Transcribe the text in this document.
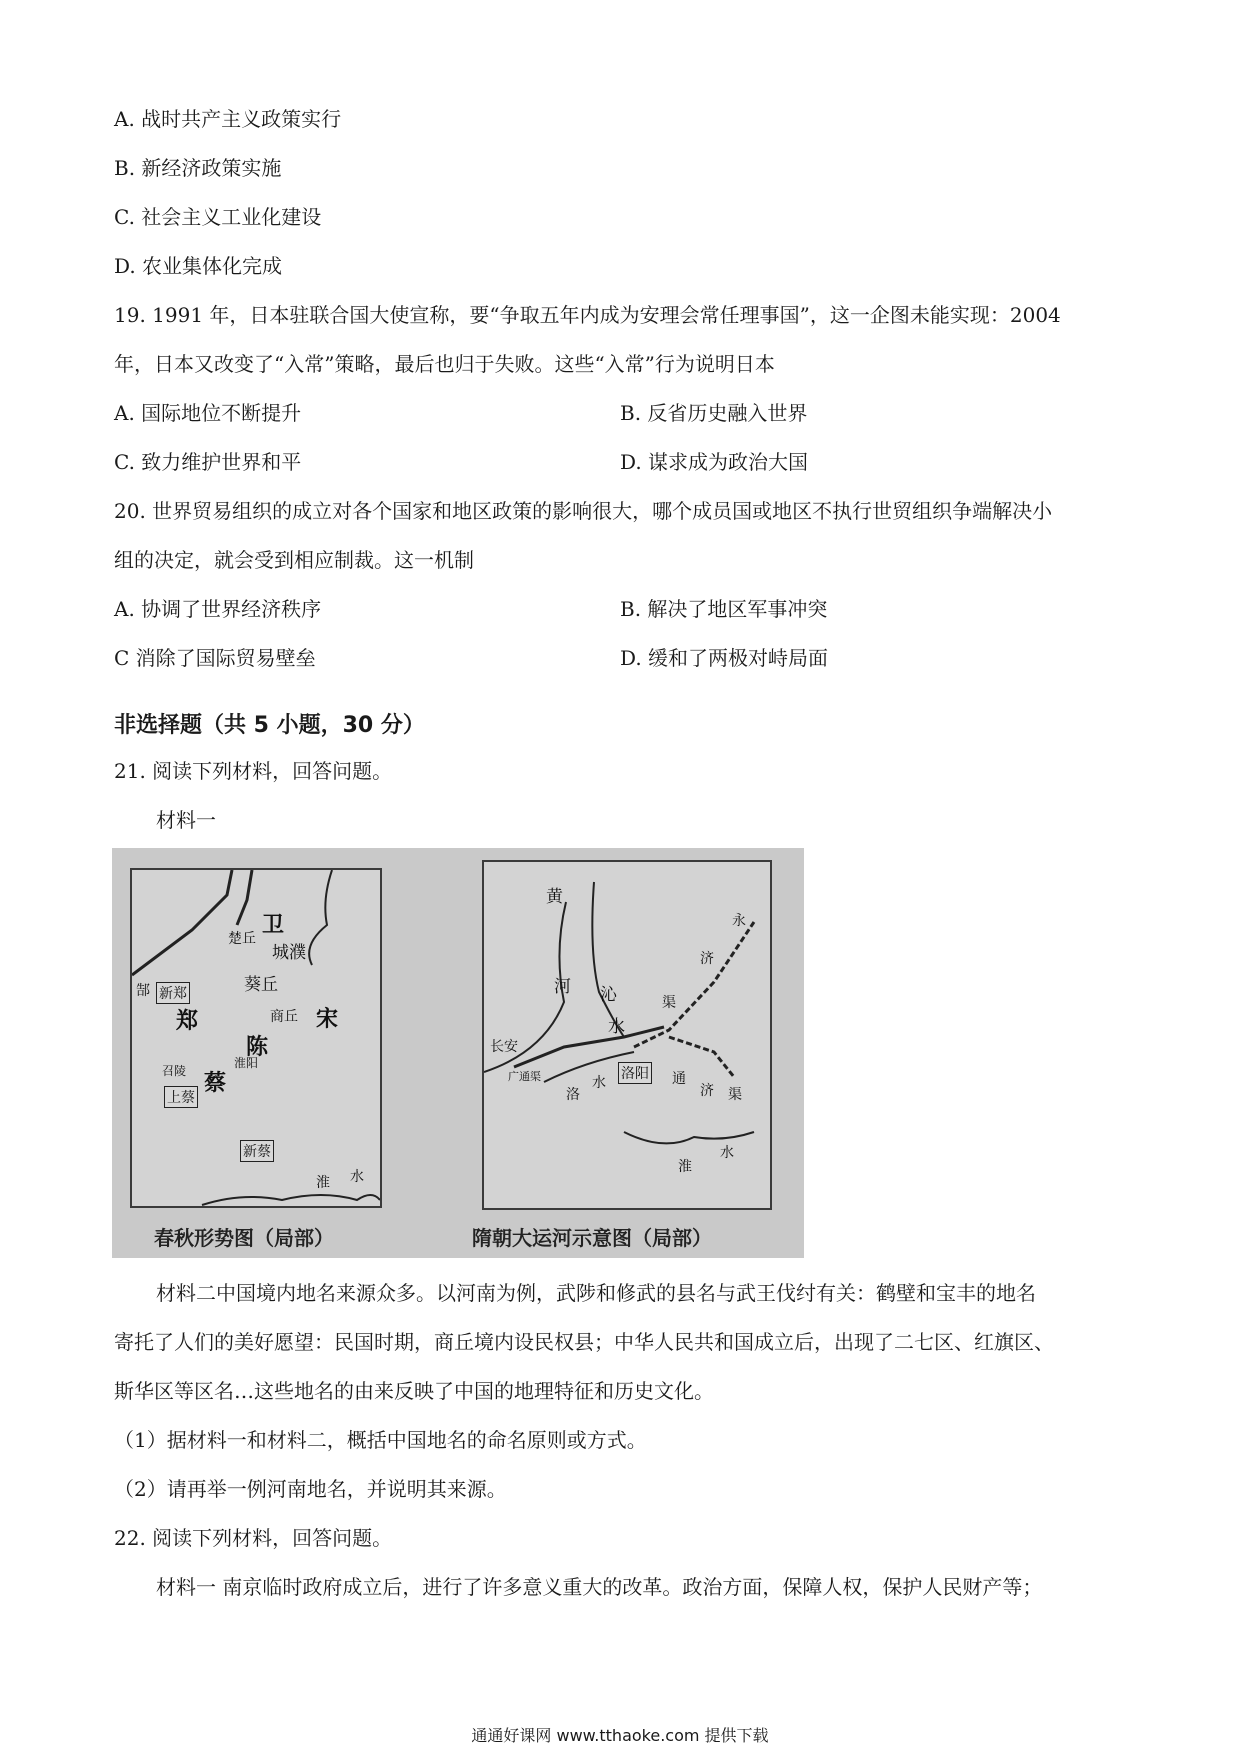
A. 战时共产主义政策实行
B. 新经济政策实施
C. 社会主义工业化建设
D. 农业集体化完成
19. 1991 年，日本驻联合国大使宣称，要“争取五年内成为安理会常任理事国”，这一企图未能实现：2004
年，日本又改变了“入常”策略，最后也归于失败。这些“入常”行为说明日本
A. 国际地位不断提升	B. 反省历史融入世界
C. 致力维护世界和平	D. 谋求成为政治大国
20. 世界贸易组织的成立对各个国家和地区政策的影响很大，哪个成员国或地区不执行世贸组织争端解决小
组的决定，就会受到相应制裁。这一机制
A. 协调了世界经济秩序	B. 解决了地区军事冲突
C 消除了国际贸易壁垒	D. 缓和了两极对峙局面
非选择题（共 5 小题，30 分）
21. 阅读下列材料，回答问题。
材料一
卫
楚丘
城濮
郜 新郑
郑
葵丘
商丘 宋
陈
召陵
淮阳
蔡
上蔡
新蔡
淮 水
春秋形势图（局部）
黄
河 沁
水
永
济
渠
长安
广通渠
洛
水
洛阳 通
济 渠
淮
水
隋朝大运河示意图（局部）
材料二中国境内地名来源众多。以河南为例，武陟和修武的县名与武王伐纣有关：鹤壁和宝丰的地名
寄托了人们的美好愿望：民国时期，商丘境内设民权县；中华人民共和国成立后，出现了二七区、红旗区、
斯华区等区名…这些地名的由来反映了中国的地理特征和历史文化。
（1）据材料一和材料二，概括中国地名的命名原则或方式。
（2）请再举一例河南地名，并说明其来源。
22. 阅读下列材料，回答问题。
材料一 南京临时政府成立后，进行了许多意义重大的改革。政治方面，保障人权，保护人民财产等；
通通好课网 www.tthaoke.com 提供下载
